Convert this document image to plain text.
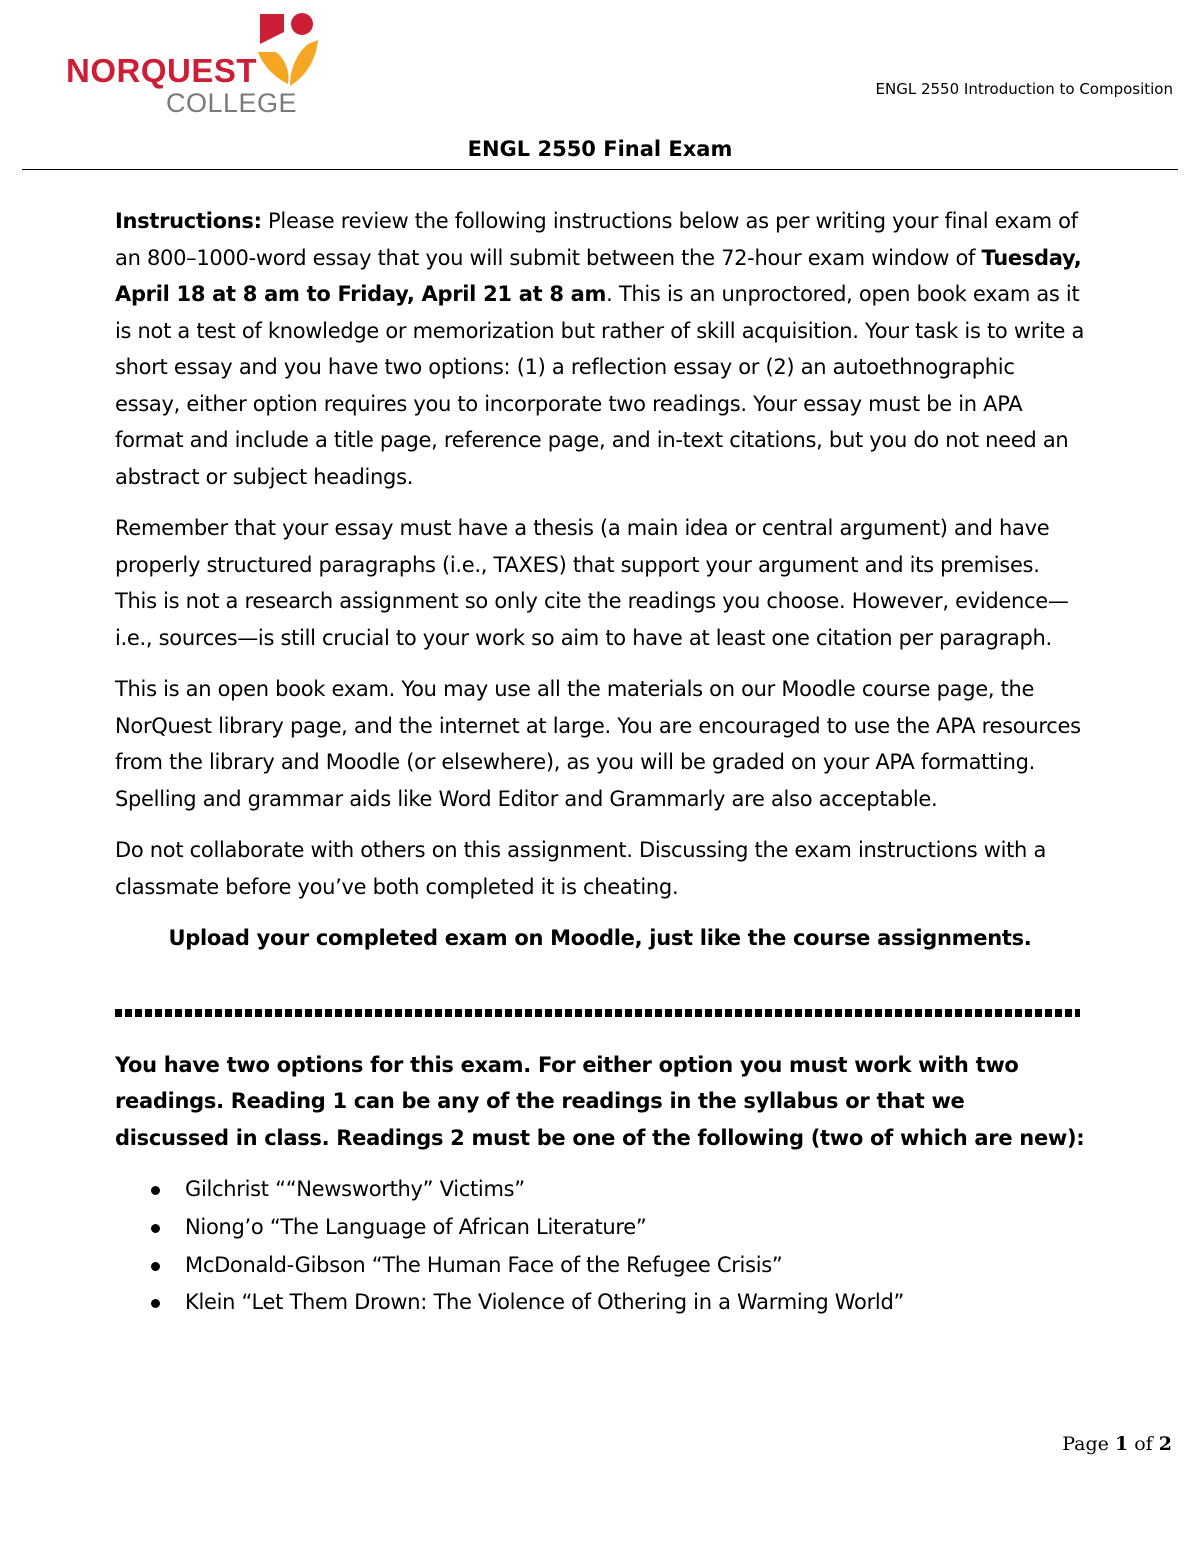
NORQUEST
COLLEGE	ENGL 2550 Introduction to Composition
ENGL 2550 Final Exam

Instructions: Please review the following instructions below as per writing your final exam of an 800–1000-word essay that you will submit between the 72-hour exam window of Tuesday, April 18 at 8 am to Friday, April 21 at 8 am. This is an unproctored, open book exam as it is not a test of knowledge or memorization but rather of skill acquisition. Your task is to write a short essay and you have two options: (1) a reflection essay or (2) an autoethnographic essay, either option requires you to incorporate two readings. Your essay must be in APA format and include a title page, reference page, and in-text citations, but you do not need an abstract or subject headings.

Remember that your essay must have a thesis (a main idea or central argument) and have properly structured paragraphs (i.e., TAXES) that support your argument and its premises. This is not a research assignment so only cite the readings you choose. However, evidence—i.e., sources—is still crucial to your work so aim to have at least one citation per paragraph.

This is an open book exam. You may use all the materials on our Moodle course page, the NorQuest library page, and the internet at large. You are encouraged to use the APA resources from the library and Moodle (or elsewhere), as you will be graded on your APA formatting. Spelling and grammar aids like Word Editor and Grammarly are also acceptable.

Do not collaborate with others on this assignment. Discussing the exam instructions with a classmate before you’ve both completed it is cheating.

Upload your completed exam on Moodle, just like the course assignments.

You have two options for this exam. For either option you must work with two readings. Reading 1 can be any of the readings in the syllabus or that we discussed in class. Readings 2 must be one of the following (two of which are new):

Gilchrist ““Newsworthy” Victims”
Niong’o “The Language of African Literature”
McDonald-Gibson “The Human Face of the Refugee Crisis”
Klein “Let Them Drown: The Violence of Othering in a Warming World”
Page 1 of 2
